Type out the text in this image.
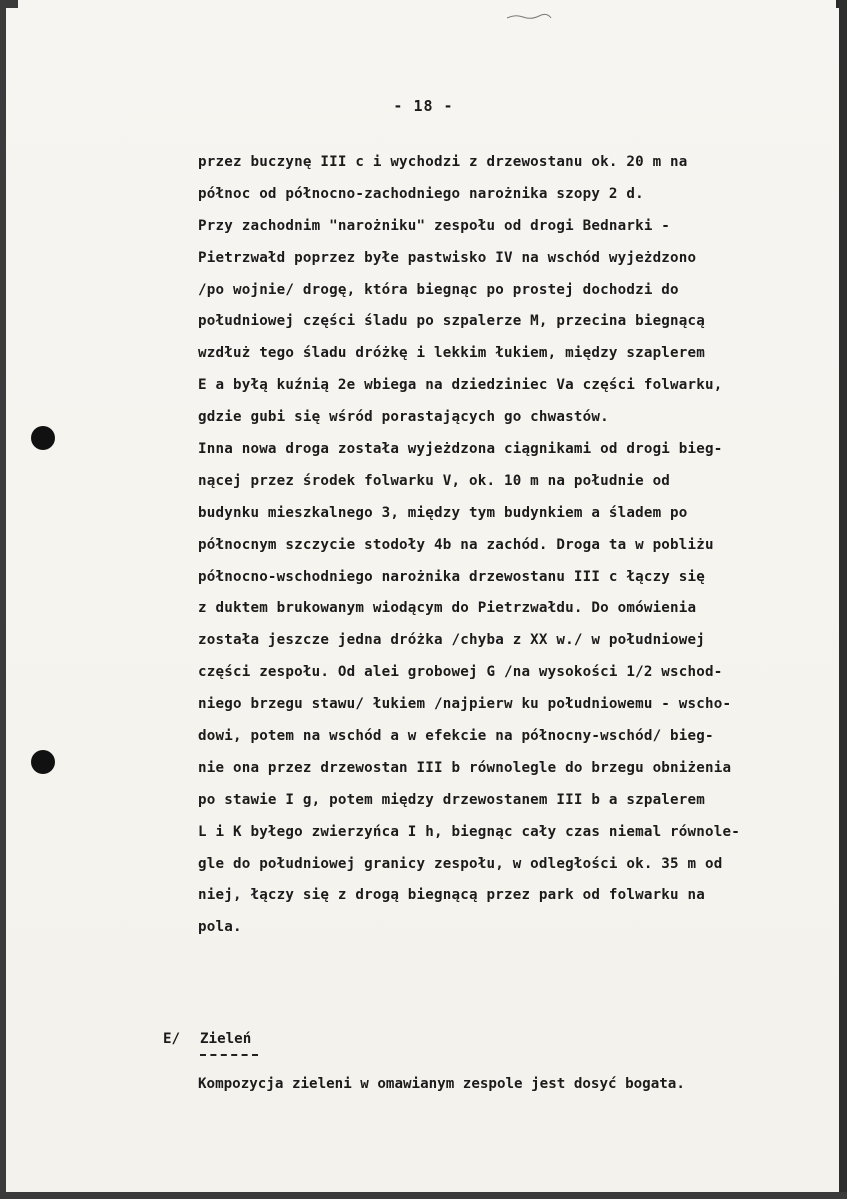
- 18 -
przez buczynę III c i wychodzi z drzewostanu ok. 20 m na
północ od północno-zachodniego narożnika szopy 2 d.
Przy zachodnim "narożniku" zespołu od drogi Bednarki -
Pietrzwałd poprzez byłe pastwisko IV na wschód wyjeżdzono
/po wojnie/ drogę, która biegnąc po prostej dochodzi do
południowej części śladu po szpalerze M, przecina biegnącą
wzdłuż tego śladu dróżkę i lekkim łukiem, między szaplerem
E a byłą kuźnią 2e wbiega na dziedziniec Va części folwarku,
gdzie gubi się wśród porastających go chwastów.
Inna nowa droga została wyjeżdzona ciągnikami od drogi bieg-
nącej przez środek folwarku V, ok. 10 m na południe od
budynku mieszkalnego 3, między tym budynkiem a śladem po
północnym szczycie stodoły 4b na zachód. Droga ta w pobliżu
północno-wschodniego narożnika drzewostanu III c łączy się
z duktem brukowanym wiodącym do Pietrzwałdu. Do omówienia
została jeszcze jedna dróżka /chyba z XX w./ w południowej
części zespołu. Od alei grobowej G /na wysokości 1/2 wschod-
niego brzegu stawu/ łukiem /najpierw ku południowemu - wscho-
dowi, potem na wschód a w efekcie na północny-wschód/ bieg-
nie ona przez drzewostan III b równolegle do brzegu obniżenia
po stawie I g, potem między drzewostanem III b a szpalerem
L i K byłego zwierzyńca I h, biegnąc cały czas niemal równole-
gle do południowej granicy zespołu, w odległości ok. 35 m od
niej, łączy się z drogą biegnącą przez park od folwarku na
pola.
E/ Zieleń
Kompozycja zieleni w omawianym zespole jest dosyć bogata.
